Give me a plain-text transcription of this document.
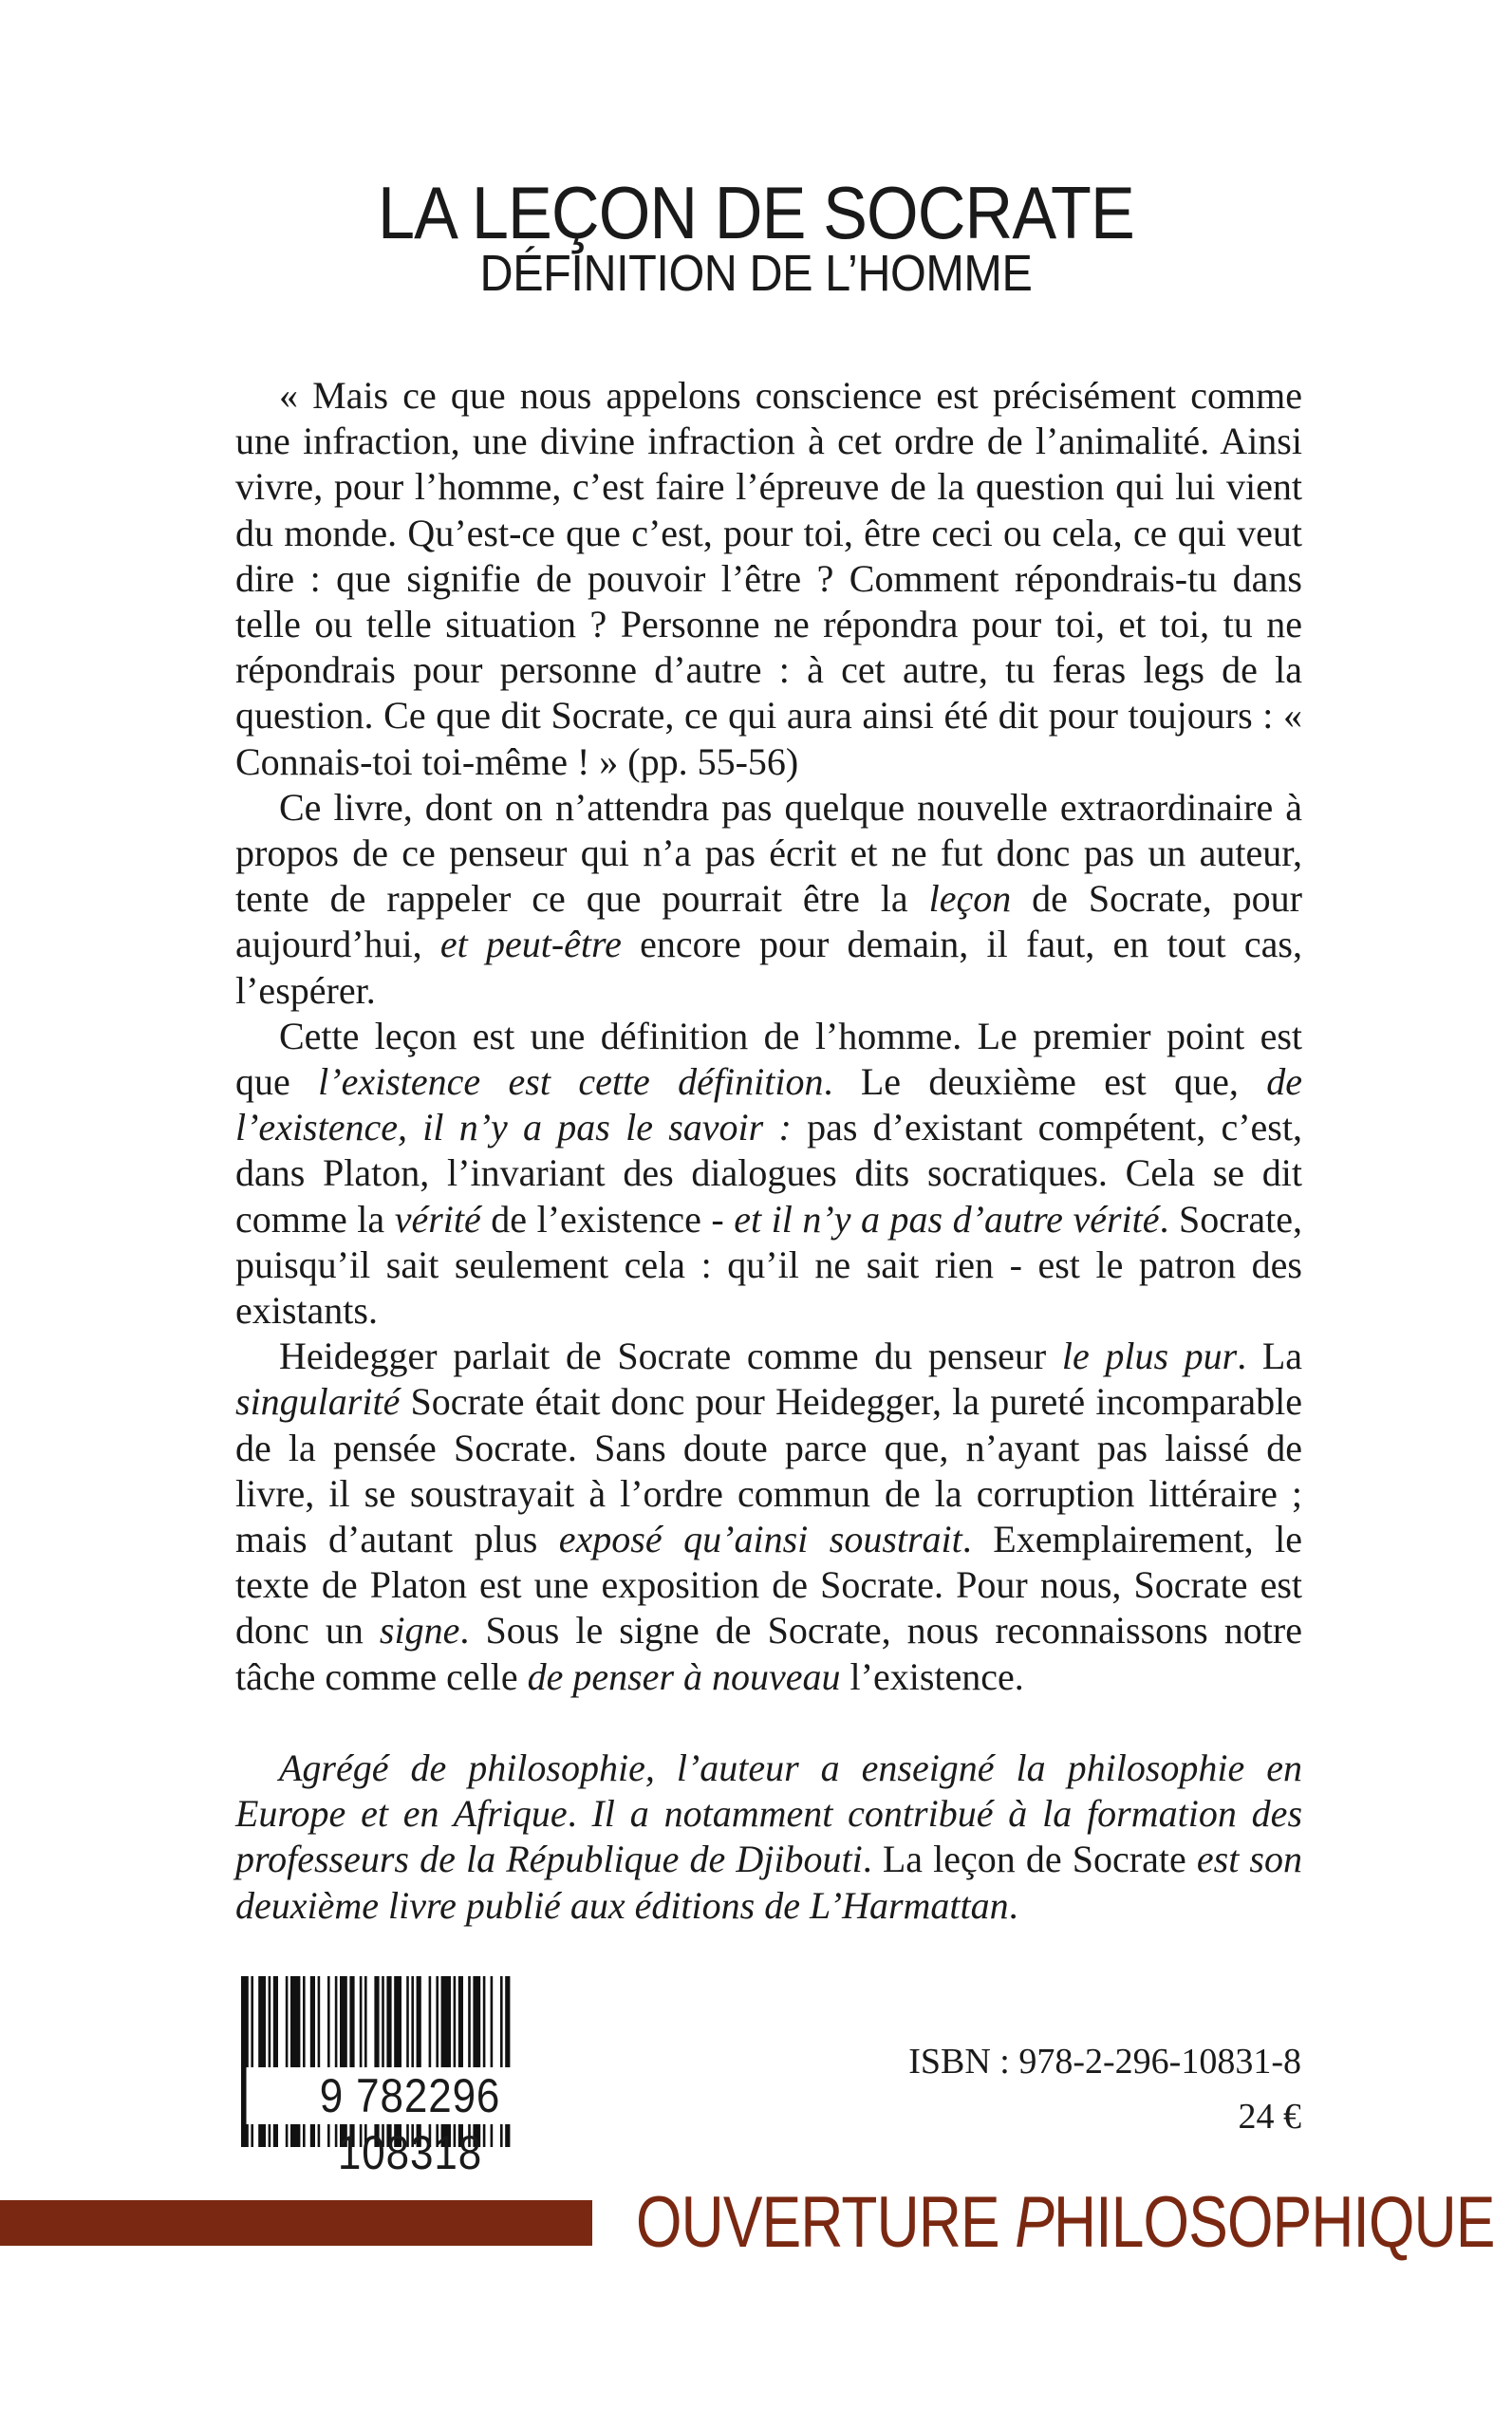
LA LEÇON DE SOCRATE
DÉFINITION DE L’HOMME

« Mais ce que nous appelons conscience est précisément comme une infraction, une divine infraction à cet ordre de l’animalité. Ainsi vivre, pour l’homme, c’est faire l’épreuve de la question qui lui vient du monde. Qu’est-ce que c’est, pour toi, être ceci ou cela, ce qui veut dire : que signifie de pouvoir l’être ? Comment répondrais-tu dans telle ou telle situation ? Personne ne répondra pour toi, et toi, tu ne répondrais pour personne d’autre : à cet autre, tu feras legs de la question. Ce que dit Socrate, ce qui aura ainsi été dit pour toujours : « Connais-toi toi-même ! » (pp. 55-56)

Ce livre, dont on n’attendra pas quelque nouvelle extraordinaire à propos de ce penseur qui n’a pas écrit et ne fut donc pas un auteur, tente de rappeler ce que pourrait être la leçon de Socrate, pour aujourd’hui, et peut-être encore pour demain, il faut, en tout cas, l’espérer.

Cette leçon est une définition de l’homme. Le premier point est que l’existence est cette définition. Le deuxième est que, de l’existence, il n’y a pas le savoir : pas d’existant compétent, c’est, dans Platon, l’invariant des dialogues dits socratiques. Cela se dit comme la vérité de l’existence - et il n’y a pas d’autre vérité. Socrate, puisqu’il sait seulement cela : qu’il ne sait rien - est le patron des existants.

Heidegger parlait de Socrate comme du penseur le plus pur. La singularité Socrate était donc pour Heidegger, la pureté incomparable de la pensée Socrate. Sans doute parce que, n’ayant pas laissé de livre, il se soustrayait à l’ordre commun de la corruption littéraire ; mais d’autant plus exposé qu’ainsi soustrait. Exemplairement, le texte de Platon est une exposition de Socrate. Pour nous, Socrate est donc un signe. Sous le signe de Socrate, nous reconnaissons notre tâche comme celle de penser à nouveau l’existence.

Agrégé de philosophie, l’auteur a enseigné la philosophie en Europe et en Afrique. Il a notamment contribué à la formation des professeurs de la République de Djibouti. La leçon de Socrate est son deuxième livre publié aux éditions de L’Harmattan.

9 782296 108318
ISBN : 978-2-296-10831-8
24 €
OUVERTURE PHILOSOPHIQUE
